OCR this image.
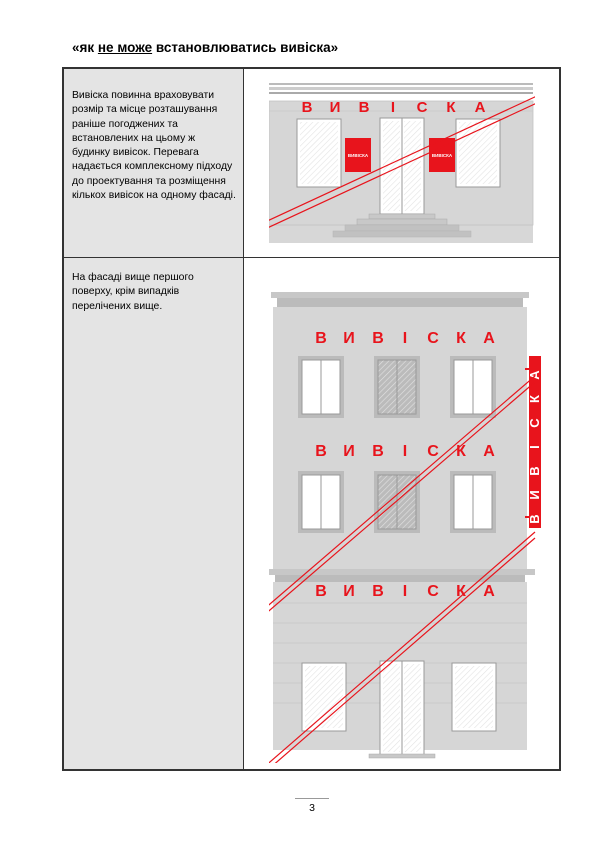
«як не може встановлюватись вивіска»
Вивіска повинна враховувати розмір та місце розташування раніше погоджених та встановлених на цьому ж будинку вивісок. Перевага надається комплексному підходу до проектування та розміщення кількох вивісок на одному фасаді.
На фасаді вище першого поверху, крім випадків перелічених вище.
ВИВІСКА	ВИВІСКА
В И В І С К А
В И В І С К А
В И В І С К А
В И В І С К А
В
И
В
І
С
К
А
3
